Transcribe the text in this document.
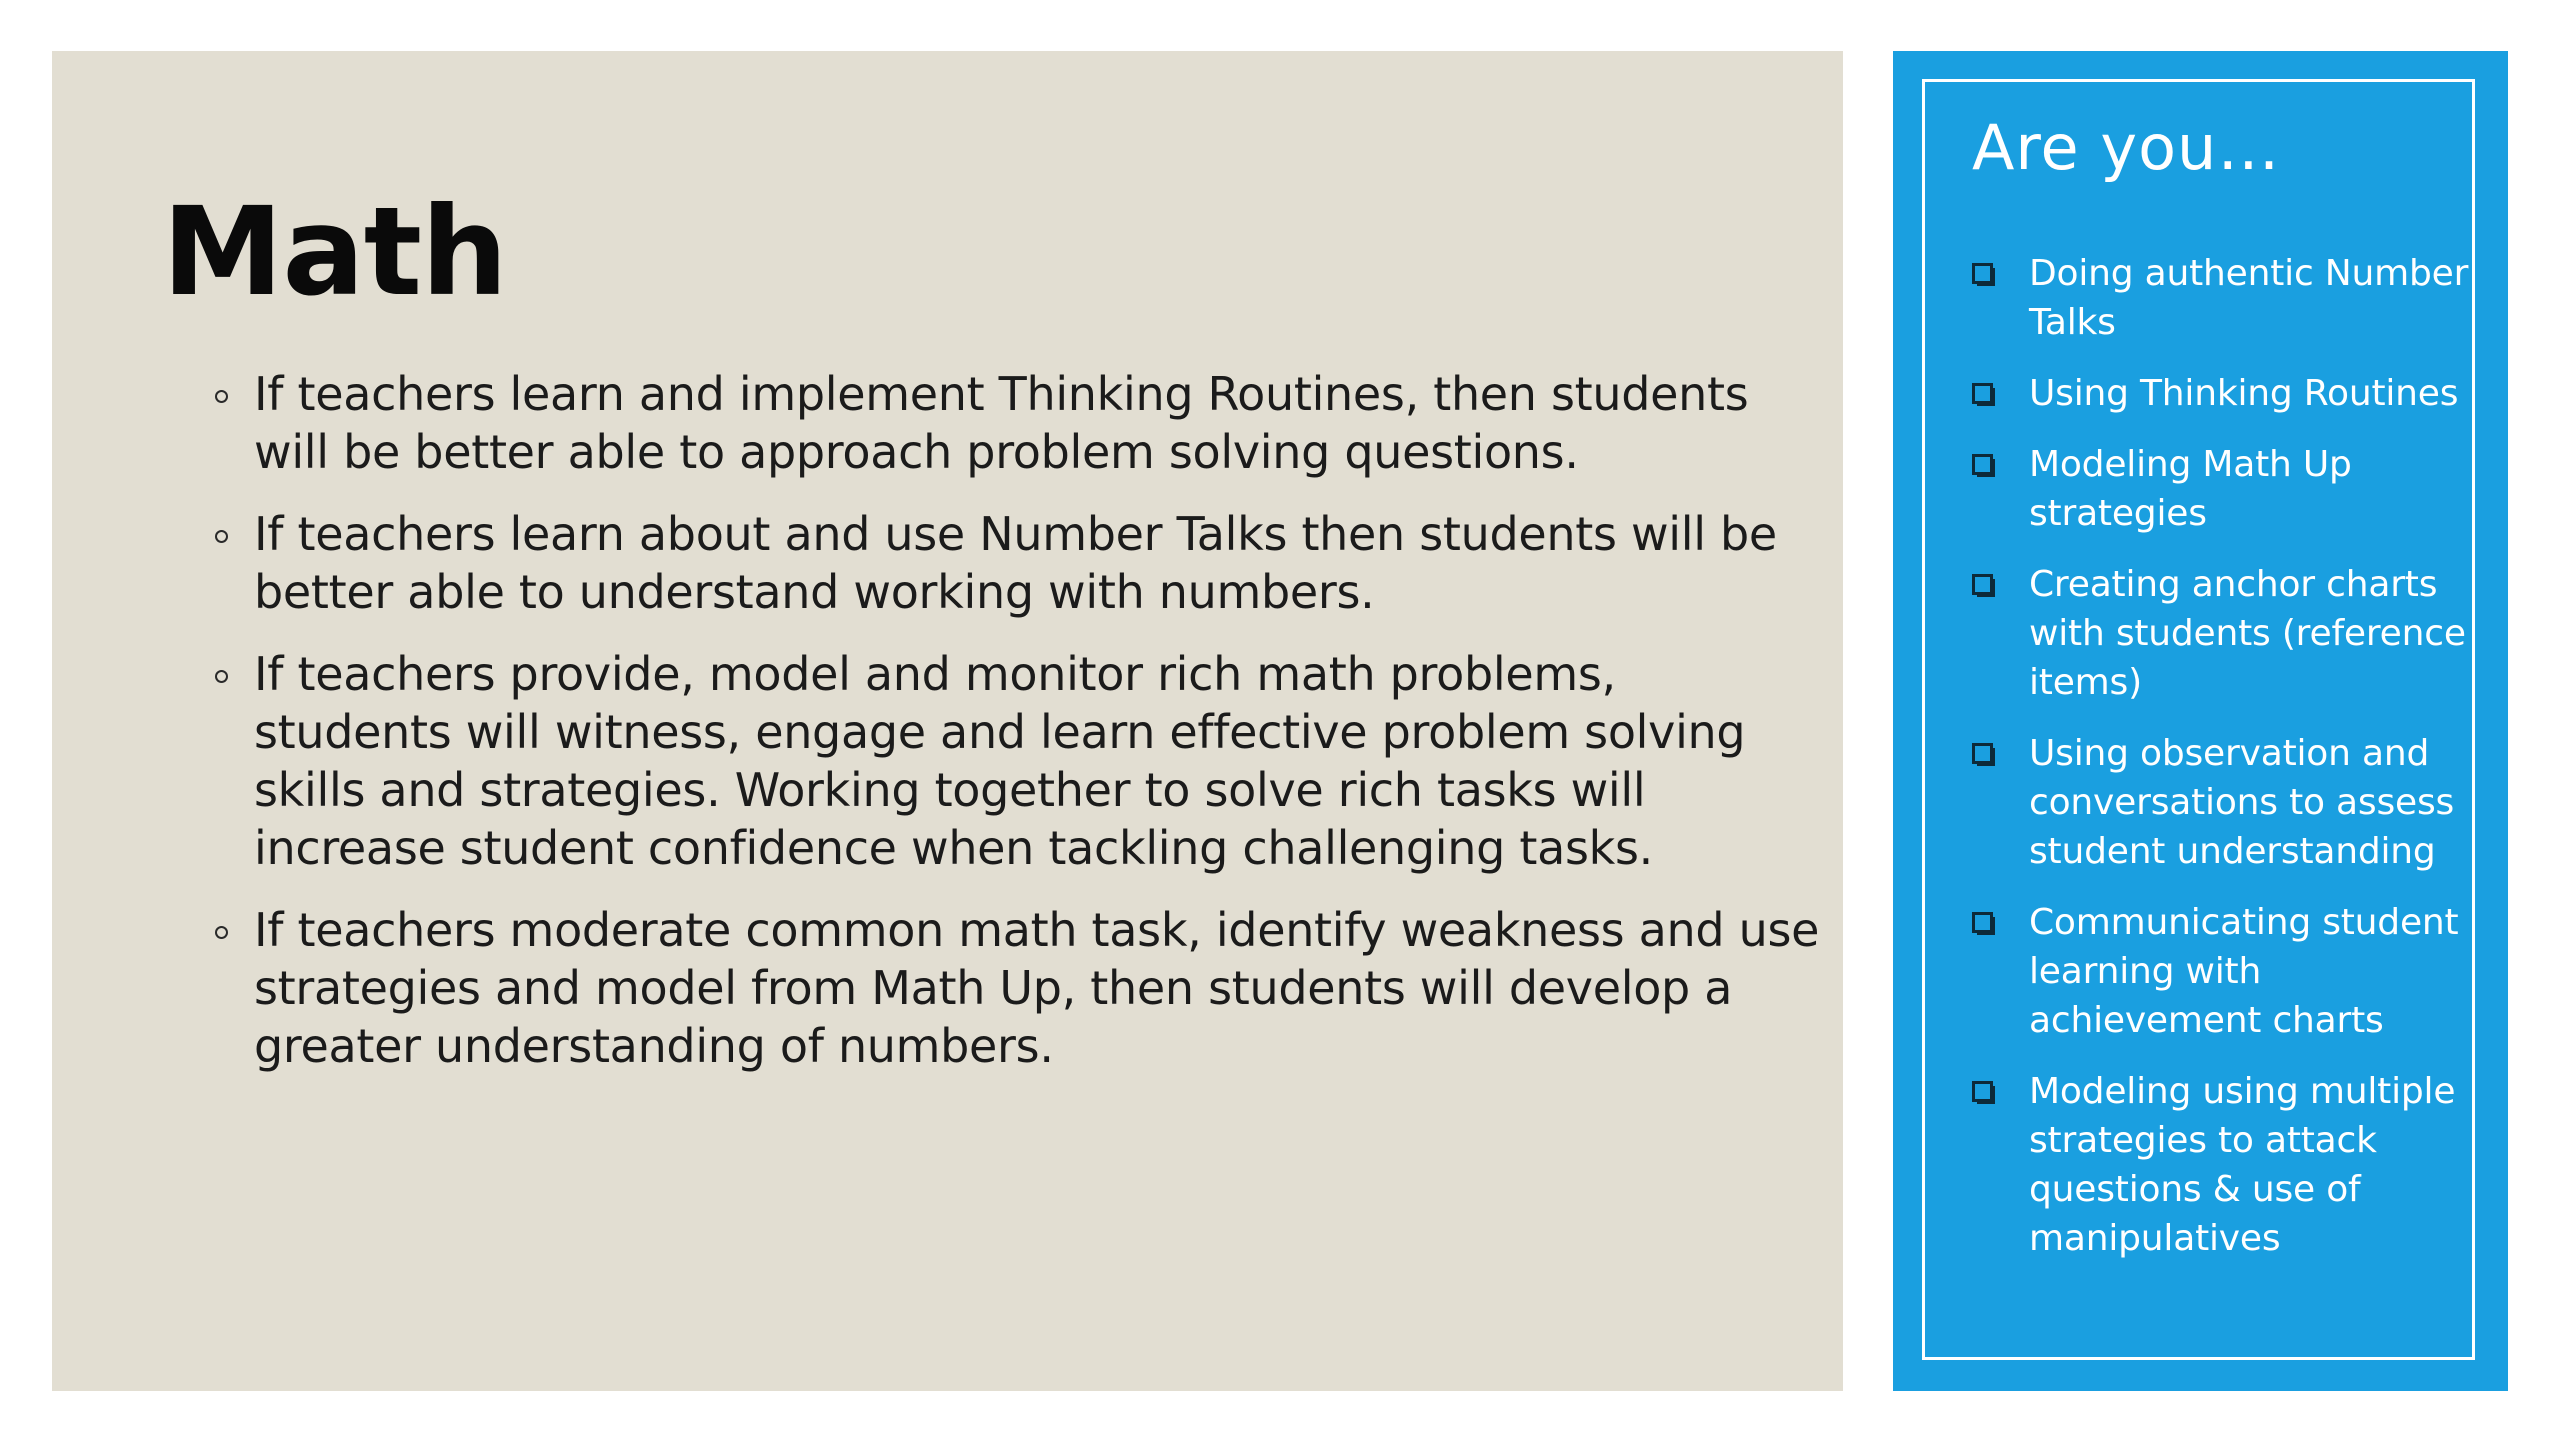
Math
If teachers learn and implement Thinking Routines, then students will be better able to approach problem solving questions.
If teachers learn about and use Number Talks then students will be better able to understand working with numbers.
If teachers provide, model and monitor rich math problems, students will witness, engage and learn effective problem solving skills and strategies. Working together to solve rich tasks will increase student confidence when tackling challenging tasks.
If teachers moderate common math task, identify weakness and use strategies and model from Math Up, then students will develop a greater understanding of numbers.
Are you…
Doing authentic Number Talks
Using Thinking Routines
Modeling Math Up strategies
Creating anchor charts with students (reference items)
Using observation and conversations to assess student understanding
Communicating student learning with achievement charts
Modeling using multiple strategies to attack questions & use of manipulatives
